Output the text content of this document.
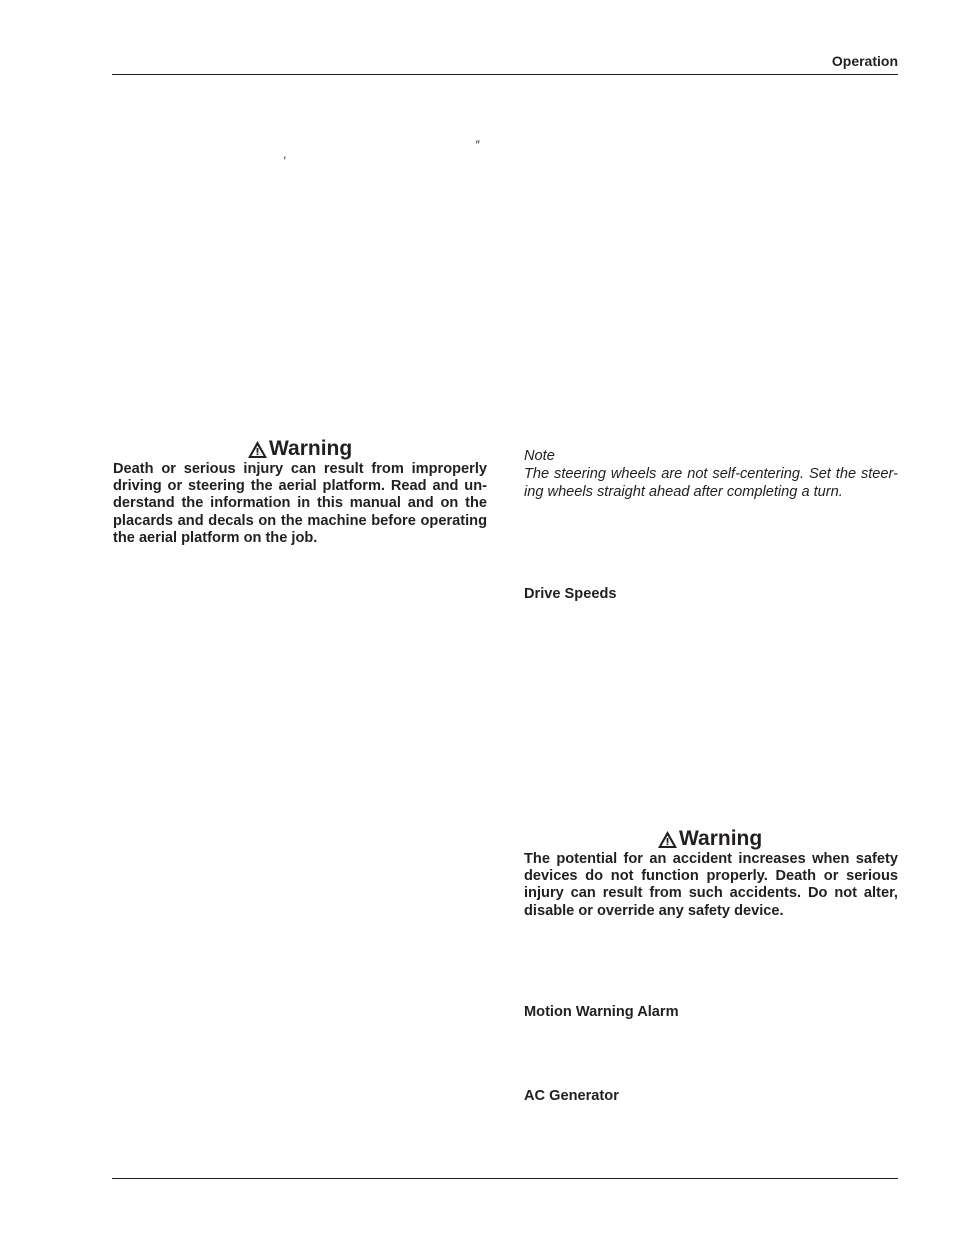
Operation
″
′
Warning
Death or serious injury can result from improperly
driving or steering the aerial platform. Read and un-
derstand the information in this manual and on the
placards and decals on the machine before operating
the aerial platform on the job.
Note
The steering wheels are not self-centering. Set the steer-
ing wheels straight ahead after completing a turn.
Drive Speeds
Warning
The potential for an accident increases when safety
devices do not function properly. Death or serious
injury can result from such accidents. Do not alter,
disable or override any safety device.
Motion Warning Alarm
AC Generator
